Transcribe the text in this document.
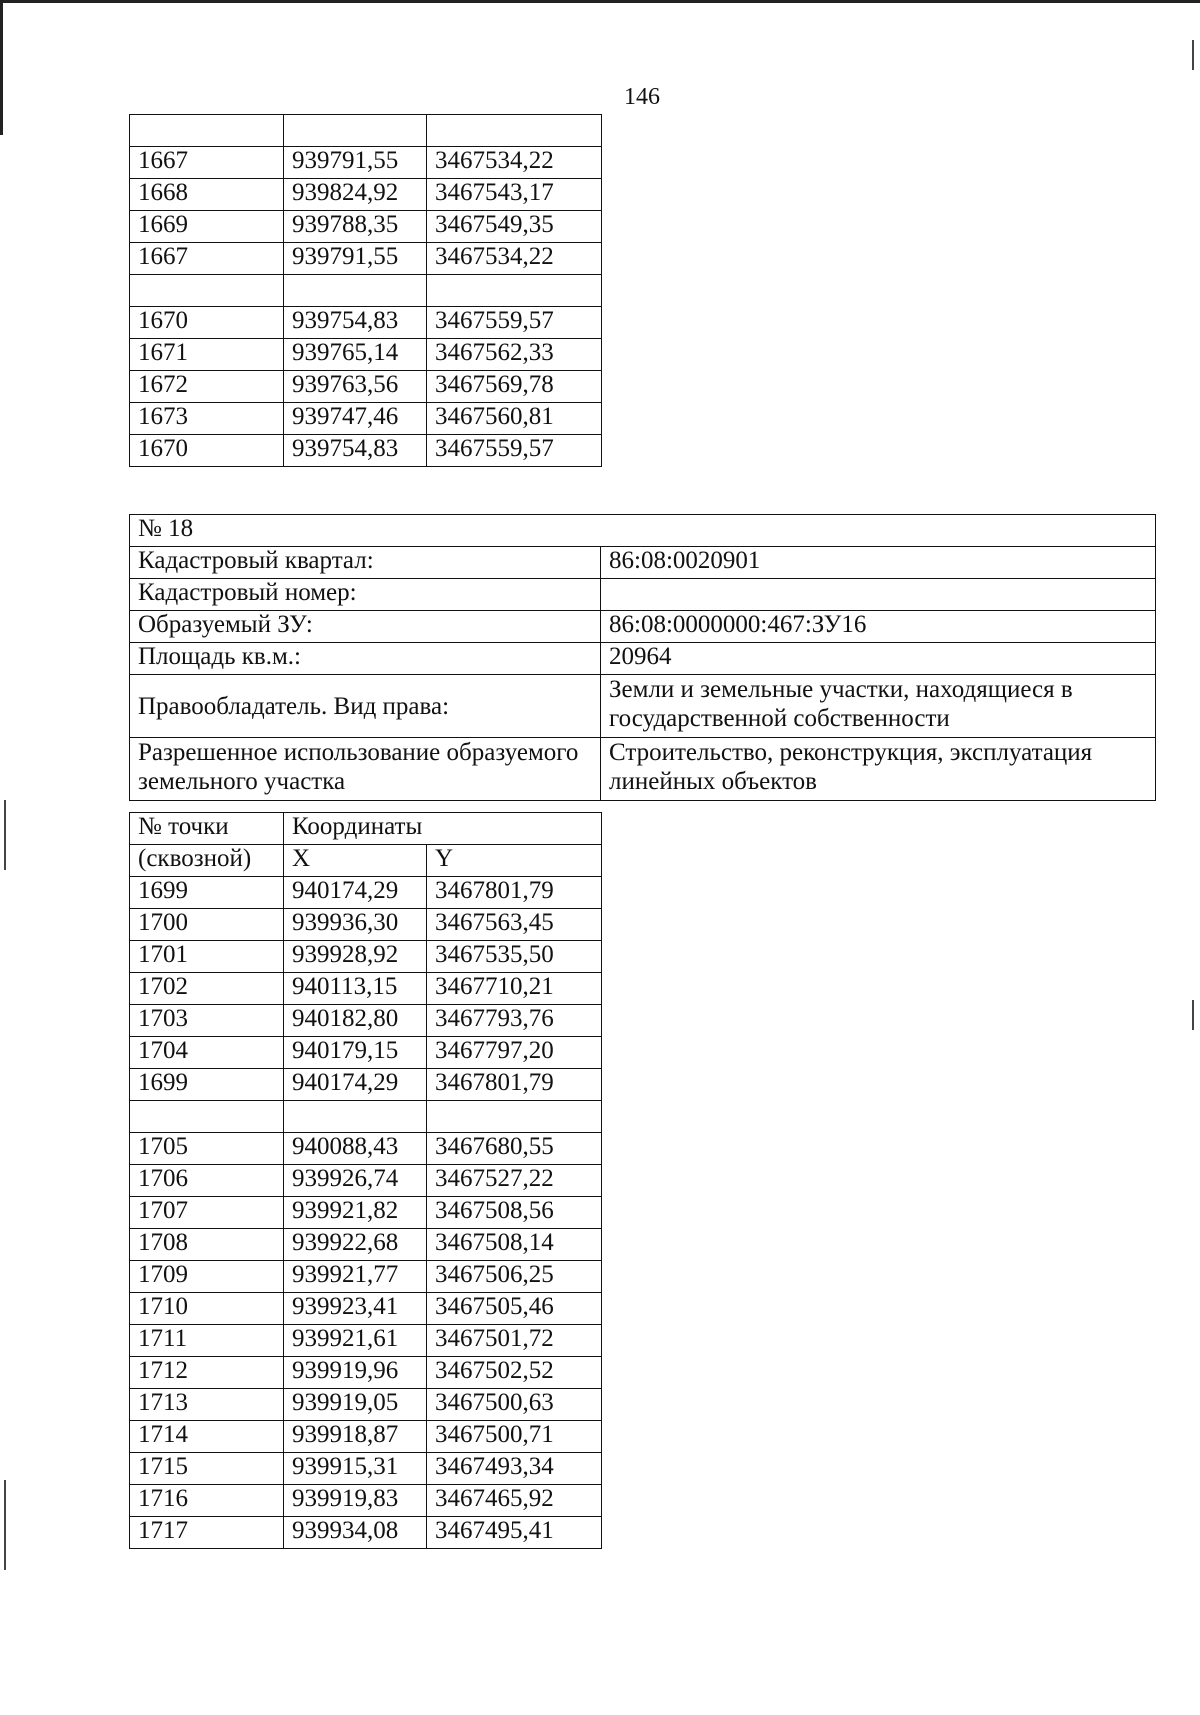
146

1667	939791,55	3467534,22
1668	939824,92	3467543,17
1669	939788,35	3467549,35
1667	939791,55	3467534,22

1670	939754,83	3467559,57
1671	939765,14	3467562,33
1672	939763,56	3467569,78
1673	939747,46	3467560,81
1670	939754,83	3467559,57
№ 18	
Кадастровый квартал:	86:08:0020901
Кадастровый номер:	
Образуемый ЗУ:	86:08:0000000:467:ЗУ16
Площадь кв.м.:	20964
Правообладатель. Вид права:	Земли и земельные участки, находящиеся в государственной собственности
Разрешенное использование образуемого земельного участка	Строительство, реконструкция, эксплуатация линейных объектов
№ точки	Координаты	
(сквозной)	X	Y
1699	940174,29	3467801,79
1700	939936,30	3467563,45
1701	939928,92	3467535,50
1702	940113,15	3467710,21
1703	940182,80	3467793,76
1704	940179,15	3467797,20
1699	940174,29	3467801,79

1705	940088,43	3467680,55
1706	939926,74	3467527,22
1707	939921,82	3467508,56
1708	939922,68	3467508,14
1709	939921,77	3467506,25
1710	939923,41	3467505,46
1711	939921,61	3467501,72
1712	939919,96	3467502,52
1713	939919,05	3467500,63
1714	939918,87	3467500,71
1715	939915,31	3467493,34
1716	939919,83	3467465,92
1717	939934,08	3467495,41
